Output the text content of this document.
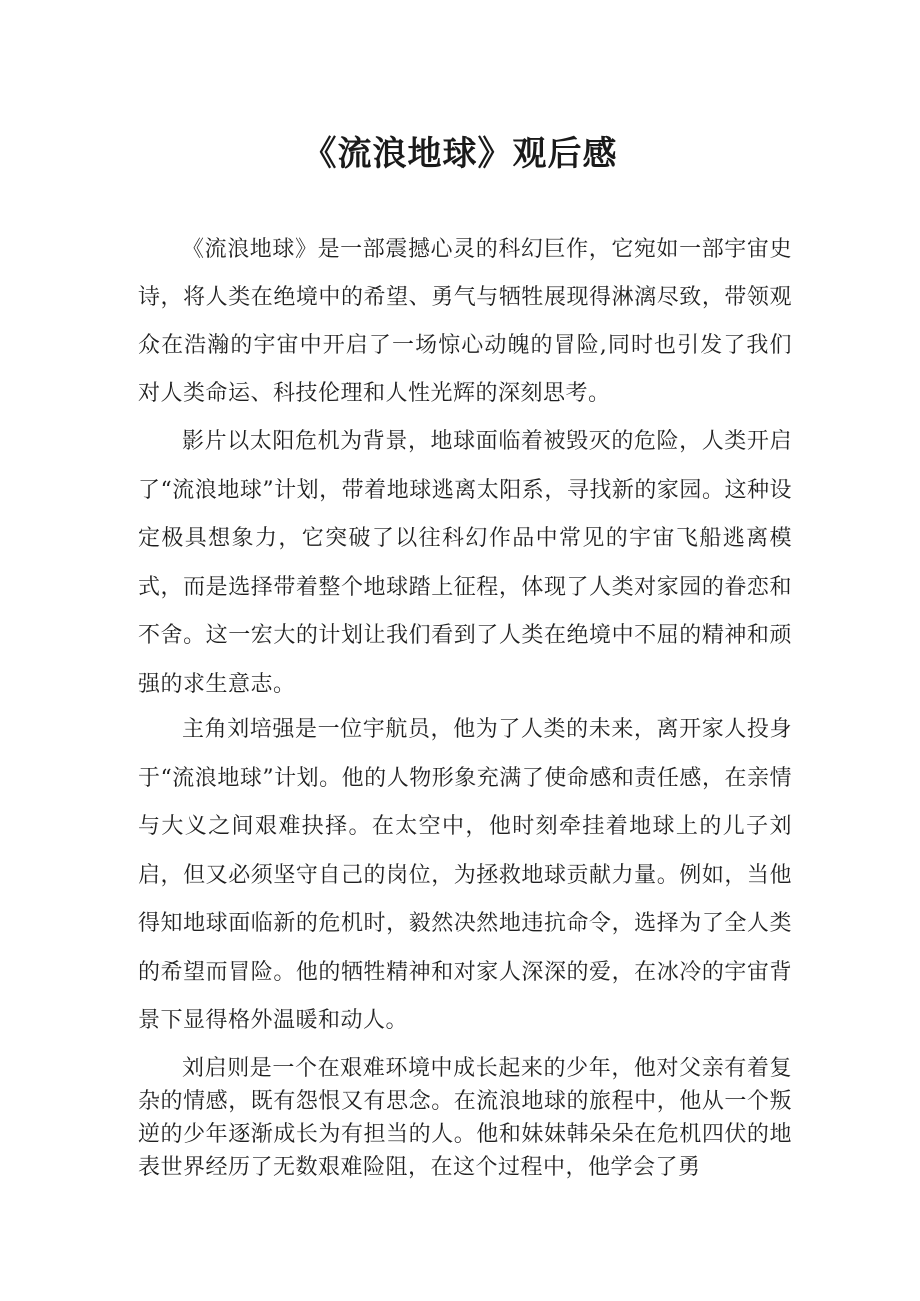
《流浪地球》观后感

《流浪地球》是一部震撼心灵的科幻巨作，它宛如一部宇宙史诗，将人类在绝境中的希望、勇气与牺牲展现得淋漓尽致，带领观众在浩瀚的宇宙中开启了一场惊心动魄的冒险,同时也引发了我们对人类命运、科技伦理和人性光辉的深刻思考。

影片以太阳危机为背景，地球面临着被毁灭的危险，人类开启了“流浪地球”计划，带着地球逃离太阳系，寻找新的家园。这种设定极具想象力，它突破了以往科幻作品中常见的宇宙飞船逃离模式，而是选择带着整个地球踏上征程，体现了人类对家园的眷恋和不舍。这一宏大的计划让我们看到了人类在绝境中不屈的精神和顽强的求生意志。

主角刘培强是一位宇航员，他为了人类的未来，离开家人投身于“流浪地球”计划。他的人物形象充满了使命感和责任感，在亲情与大义之间艰难抉择。在太空中，他时刻牵挂着地球上的儿子刘启，但又必须坚守自己的岗位，为拯救地球贡献力量。例如，当他得知地球面临新的危机时，毅然决然地违抗命令，选择为了全人类的希望而冒险。他的牺牲精神和对家人深深的爱，在冰冷的宇宙背景下显得格外温暖和动人。

刘启则是一个在艰难环境中成长起来的少年，他对父亲有着复杂的情感，既有怨恨又有思念。在流浪地球的旅程中，他从一个叛逆的少年逐渐成长为有担当的人。他和妹妹韩朵朵在危机四伏的地表世界经历了无数艰难险阻，在这个过程中，他学会了勇
